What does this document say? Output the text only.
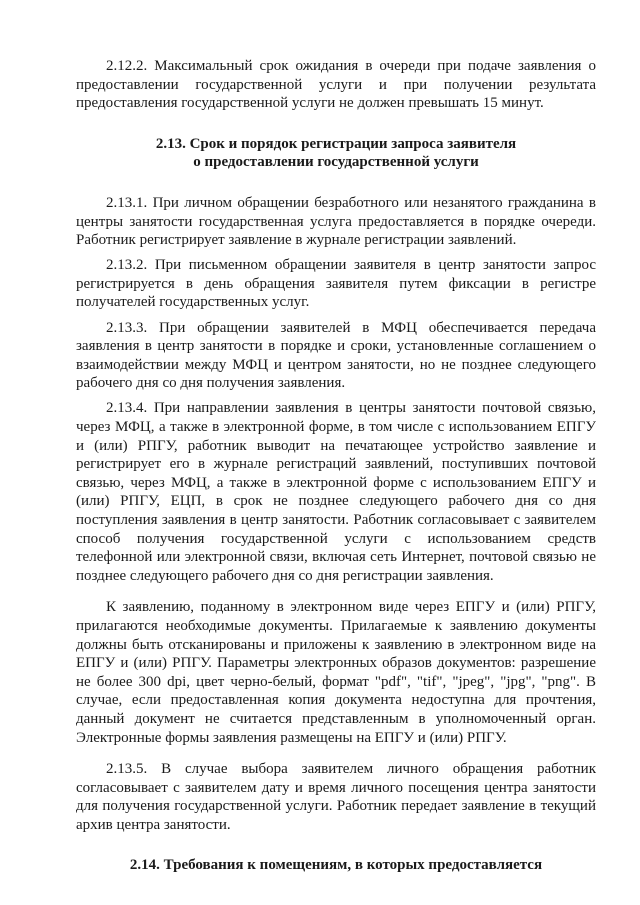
2.12.2. Максимальный срок ожидания в очереди при подаче заявления о предоставлении государственной услуги и при получении результата предоставления государственной услуги не должен превышать 15 минут.

2.13. Срок и порядок регистрации запроса заявителя

о предоставлении государственной услуги

2.13.1. При личном обращении безработного или незанятого гражданина в центры занятости государственная услуга предоставляется в порядке очереди. Работник регистрирует заявление в журнале регистрации заявлений.

2.13.2. При письменном обращении заявителя в центр занятости запрос регистрируется в день обращения заявителя путем фиксации в регистре получателей государственных услуг.

2.13.3. При обращении заявителей в МФЦ обеспечивается передача заявления в центр занятости в порядке и сроки, установленные соглашением о взаимодействии между МФЦ и центром занятости, но не позднее следующего рабочего дня со дня получения заявления.

2.13.4. При направлении заявления в центры занятости почтовой связью, через МФЦ, а также в электронной форме, в том числе с использованием ЕПГУ и (или) РПГУ, работник выводит на печатающее устройство заявление и регистрирует его в журнале регистраций заявлений, поступивших почтовой связью, через МФЦ, а также в электронной форме с использованием ЕПГУ и (или) РПГУ, ЕЦП, в срок не позднее следующего рабочего дня со дня поступления заявления в центр занятости. Работник согласовывает с заявителем способ получения государственной услуги с использованием средств телефонной или электронной связи, включая сеть Интернет, почтовой связью не позднее следующего рабочего дня со дня регистрации заявления.

К заявлению, поданному в электронном виде через ЕПГУ и (или) РПГУ, прилагаются необходимые документы. Прилагаемые к заявлению документы должны быть отсканированы и приложены к заявлению в электронном виде на ЕПГУ и (или) РПГУ. Параметры электронных образов документов: разрешение не более 300 dpi, цвет черно-белый, формат "pdf", "tif", "jpeg", "jpg", "png". В случае, если предоставленная копия документа недоступна для прочтения, данный документ не считается представленным в уполномоченный орган. Электронные формы заявления размещены на ЕПГУ и (или) РПГУ.

2.13.5. В случае выбора заявителем личного обращения работник согласовывает с заявителем дату и время личного посещения центра занятости для получения государственной услуги. Работник передает заявление в текущий архив центра занятости.

2.14. Требования к помещениям, в которых предоставляется
